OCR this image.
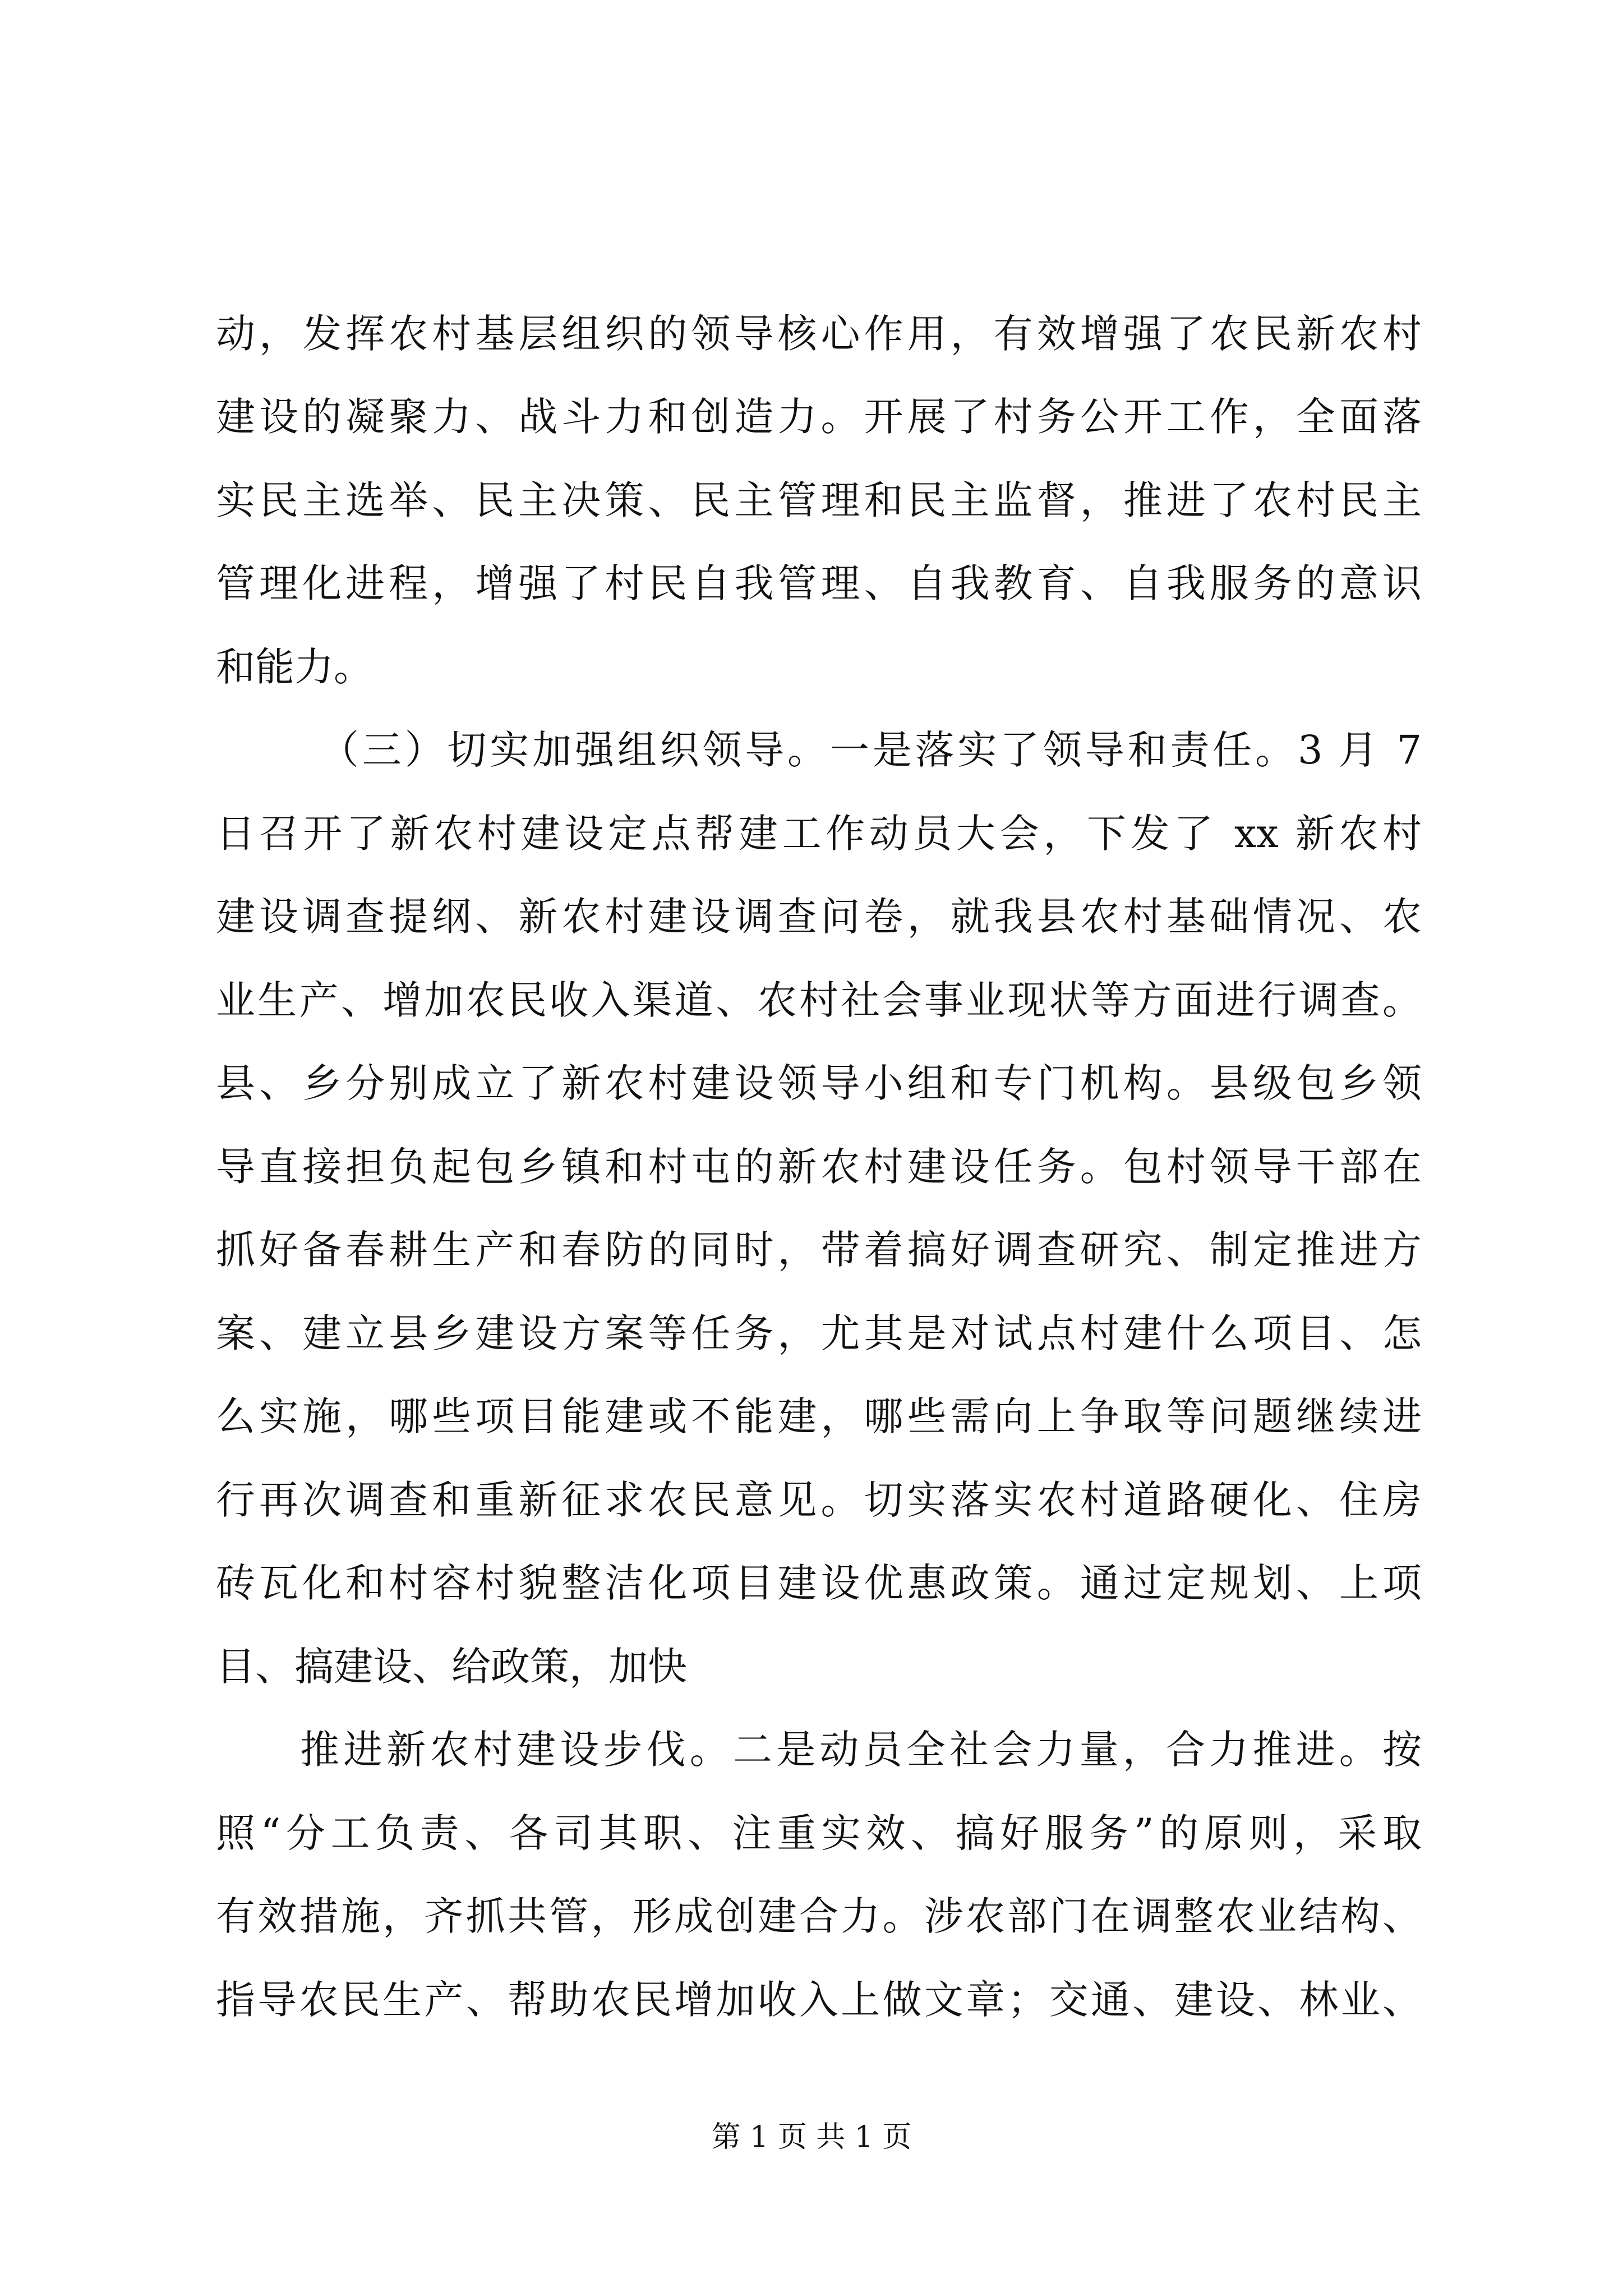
动，发挥农村基层组织的领导核心作用，有效增强了农民新农村
建设的凝聚力、战斗力和创造力。开展了村务公开工作，全面落
实民主选举、民主决策、民主管理和民主监督，推进了农村民主
管理化进程，增强了村民自我管理、自我教育、自我服务的意识
和能力。
（三）切实加强组织领导。一是落实了领导和责任。3 月 7
日召开了新农村建设定点帮建工作动员大会，下发了 xx 新农村
建设调查提纲、新农村建设调查问卷，就我县农村基础情况、农
业生产、增加农民收入渠道、农村社会事业现状等方面进行调查。
县、乡分别成立了新农村建设领导小组和专门机构。县级包乡领
导直接担负起包乡镇和村屯的新农村建设任务。包村领导干部在
抓好备春耕生产和春防的同时，带着搞好调查研究、制定推进方
案、建立县乡建设方案等任务，尤其是对试点村建什么项目、怎
么实施，哪些项目能建或不能建，哪些需向上争取等问题继续进
行再次调查和重新征求农民意见。切实落实农村道路硬化、住房
砖瓦化和村容村貌整洁化项目建设优惠政策。通过定规划、上项
目、搞建设、给政策，加快
推进新农村建设步伐。二是动员全社会力量，合力推进。按
照“分工负责、各司其职、注重实效、搞好服务”的原则，采取
有效措施，齐抓共管，形成创建合力。涉农部门在调整农业结构、
指导农民生产、帮助农民增加收入上做文章；交通、建设、林业、
第 1 页 共 1 页
